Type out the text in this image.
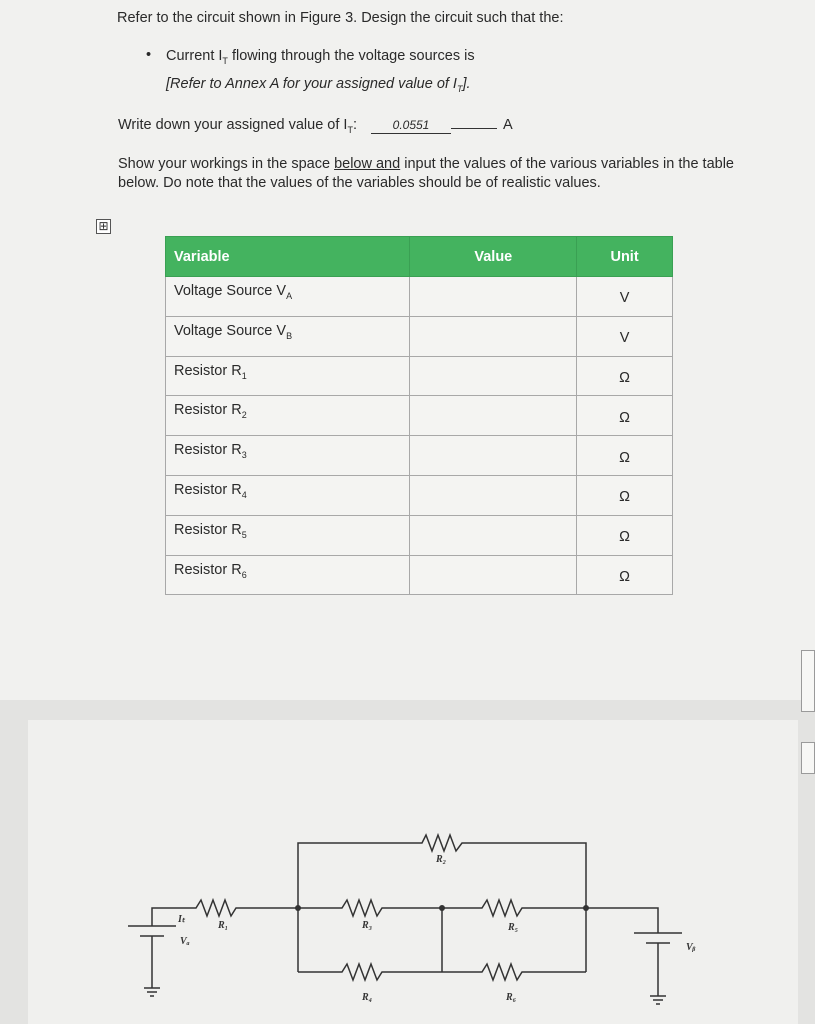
Refer to the circuit shown in Figure 3. Design the circuit such that the:
• Current $I_T$ flowing through the voltage sources is
[Refer to Annex A for your assigned value of $I_T$].
Write down your assigned value of $I_T$:	0.0551	A
Show your workings in the space below and input the values of the various variables in the table below. Do note that the values of the variables should be of realistic values.
⊞
Variable	Value	Unit
Voltage Source $V_A$		V
Voltage Source $V_B$		V
Resistor $R_1$		Ω
Resistor $R_2$		Ω
Resistor $R_3$		Ω
Resistor $R_4$		Ω
Resistor $R_5$		Ω
Resistor $R_6$		Ω
R₂
R₁	R₃	R₅
R₄	R₆
Iₜ
Vₐ
Vᵦ
